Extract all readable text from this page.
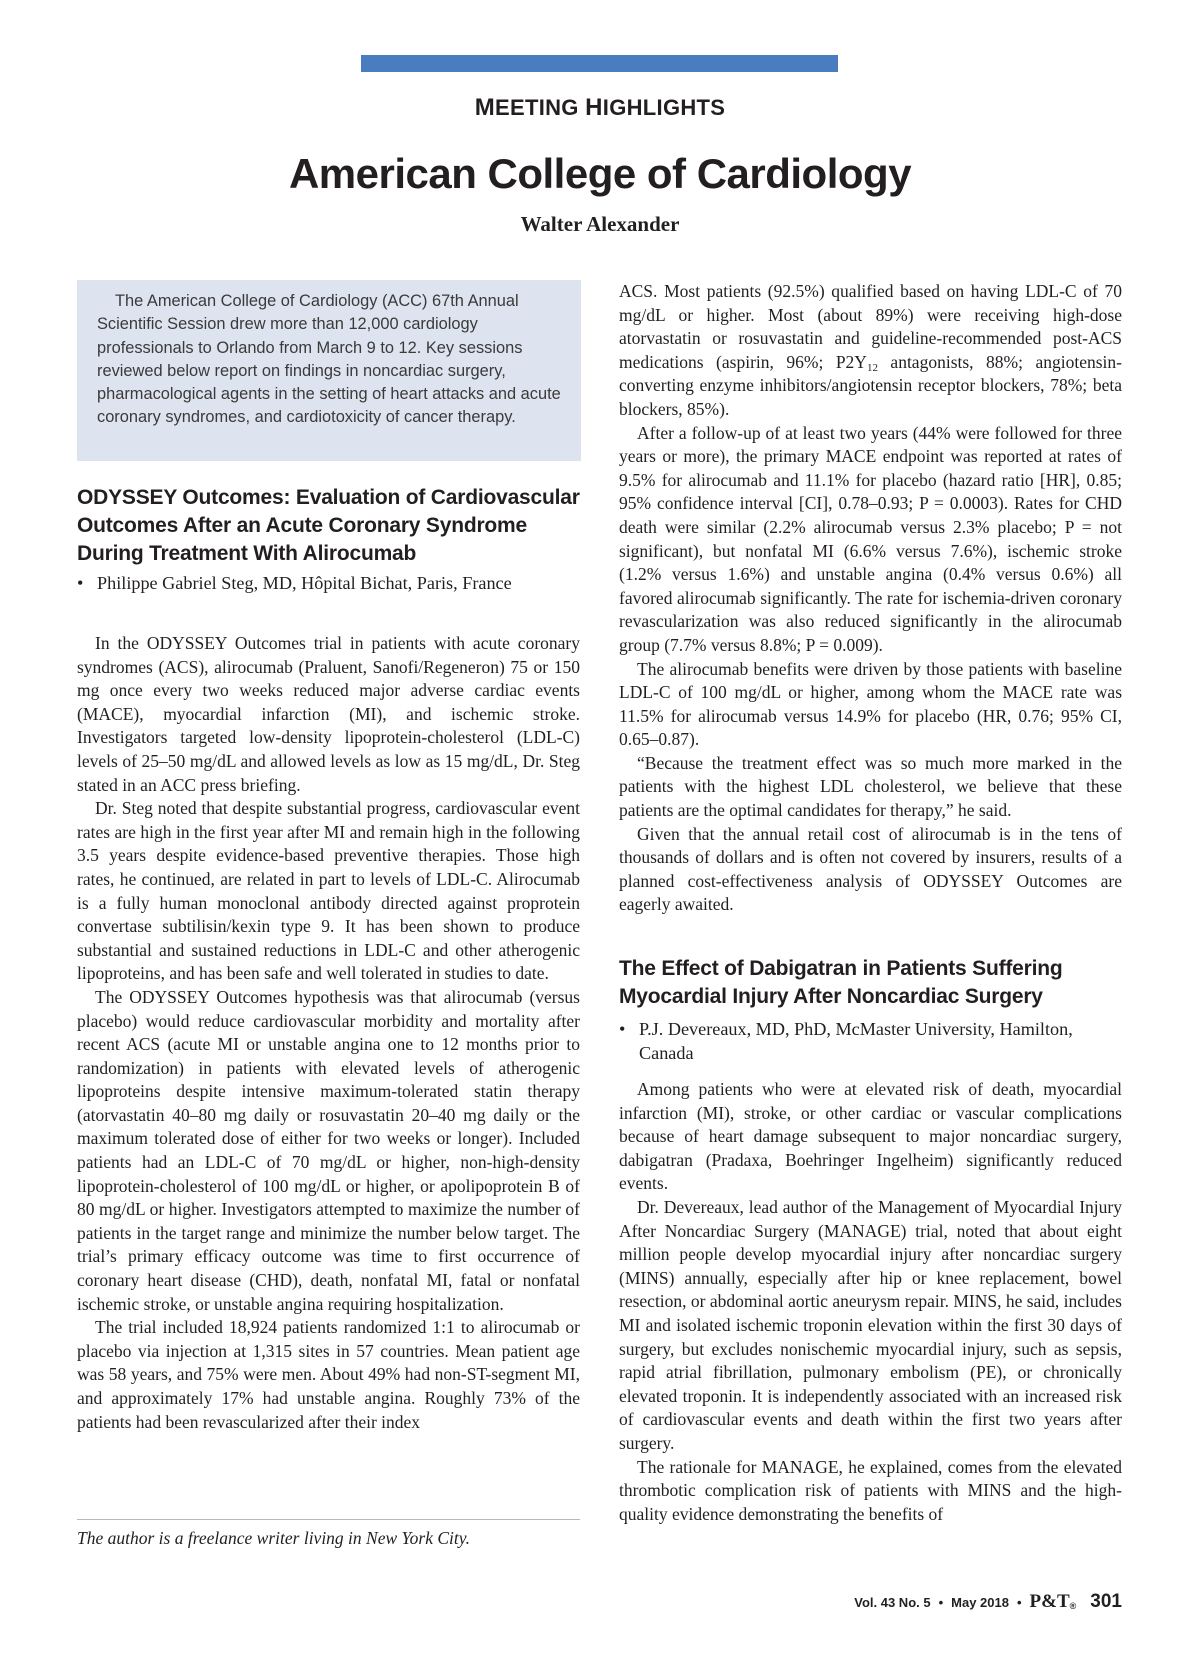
MEETING HIGHLIGHTS
American College of Cardiology
Walter Alexander

The American College of Cardiology (ACC) 67th Annual Scientific Session drew more than 12,000 cardiology professionals to Orlando from March 9 to 12. Key sessions reviewed below report on findings in noncardiac surgery, pharmacological agents in the setting of heart attacks and acute coronary syndromes, and cardiotoxicity of cancer therapy.

ODYSSEY Outcomes: Evaluation of Cardiovascular Outcomes After an Acute Coronary Syndrome During Treatment With Alirocumab
• Philippe Gabriel Steg, MD, Hôpital Bichat, Paris, France

In the ODYSSEY Outcomes trial in patients with acute coronary syndromes (ACS), alirocumab (Praluent, Sanofi/Regeneron) 75 or 150 mg once every two weeks reduced major adverse cardiac events (MACE), myocardial infarction (MI), and ischemic stroke. Investigators targeted low-density lipoprotein-cholesterol (LDL-C) levels of 25–50 mg/dL and allowed levels as low as 15 mg/dL, Dr. Steg stated in an ACC press briefing.

Dr. Steg noted that despite substantial progress, cardiovascular event rates are high in the first year after MI and remain high in the following 3.5 years despite evidence-based preventive therapies. Those high rates, he continued, are related in part to levels of LDL-C. Alirocumab is a fully human monoclonal antibody directed against proprotein convertase subtilisin/kexin type 9. It has been shown to produce substantial and sustained reductions in LDL-C and other atherogenic lipoproteins, and has been safe and well tolerated in studies to date.

The ODYSSEY Outcomes hypothesis was that alirocumab (versus placebo) would reduce cardiovascular morbidity and mortality after recent ACS (acute MI or unstable angina one to 12 months prior to randomization) in patients with elevated levels of atherogenic lipoproteins despite intensive maximum-tolerated statin therapy (atorvastatin 40–80 mg daily or rosuvastatin 20–40 mg daily or the maximum tolerated dose of either for two weeks or longer). Included patients had an LDL-C of 70 mg/dL or higher, non-high-density lipoprotein-cholesterol of 100 mg/dL or higher, or apolipoprotein B of 80 mg/dL or higher. Investigators attempted to maximize the number of patients in the target range and minimize the number below target. The trial’s primary efficacy outcome was time to first occurrence of coronary heart disease (CHD), death, nonfatal MI, fatal or nonfatal ischemic stroke, or unstable angina requiring hospitalization.

The trial included 18,924 patients randomized 1:1 to alirocumab or placebo via injection at 1,315 sites in 57 countries. Mean patient age was 58 years, and 75% were men. About 49% had non-ST-segment MI, and approximately 17% had unstable angina. Roughly 73% of the patients had been revascularized after their index

The author is a freelance writer living in New York City.

ACS. Most patients (92.5%) qualified based on having LDL-C of 70 mg/dL or higher. Most (about 89%) were receiving high-dose atorvastatin or rosuvastatin and guideline-recommended post-ACS medications (aspirin, 96%; $P2Y_{12}$ antagonists, 88%; angiotensin-converting enzyme inhibitors/angiotensin receptor blockers, 78%; beta blockers, 85%).

After a follow-up of at least two years (44% were followed for three years or more), the primary MACE endpoint was reported at rates of 9.5% for alirocumab and 11.1% for placebo (hazard ratio [HR], 0.85; 95% confidence interval [CI], 0.78–0.93; P = 0.0003). Rates for CHD death were similar (2.2% alirocumab versus 2.3% placebo; P = not significant), but nonfatal MI (6.6% versus 7.6%), ischemic stroke (1.2% versus 1.6%) and unstable angina (0.4% versus 0.6%) all favored alirocumab significantly. The rate for ischemia-driven coronary revascularization was also reduced significantly in the alirocumab group (7.7% versus 8.8%; P = 0.009).

The alirocumab benefits were driven by those patients with baseline LDL-C of 100 mg/dL or higher, among whom the MACE rate was 11.5% for alirocumab versus 14.9% for placebo (HR, 0.76; 95% CI, 0.65–0.87).

“Because the treatment effect was so much more marked in the patients with the highest LDL cholesterol, we believe that these patients are the optimal candidates for therapy,” he said.

Given that the annual retail cost of alirocumab is in the tens of thousands of dollars and is often not covered by insurers, results of a planned cost-effectiveness analysis of ODYSSEY Outcomes are eagerly awaited.

The Effect of Dabigatran in Patients Suffering Myocardial Injury After Noncardiac Surgery
• P.J. Devereaux, MD, PhD, McMaster University, Hamilton, Canada

Among patients who were at elevated risk of death, myocardial infarction (MI), stroke, or other cardiac or vascular complications because of heart damage subsequent to major noncardiac surgery, dabigatran (Pradaxa, Boehringer Ingelheim) significantly reduced events.

Dr. Devereaux, lead author of the Management of Myocardial Injury After Noncardiac Surgery (MANAGE) trial, noted that about eight million people develop myocardial injury after noncardiac surgery (MINS) annually, especially after hip or knee replacement, bowel resection, or abdominal aortic aneurysm repair. MINS, he said, includes MI and isolated ischemic troponin elevation within the first 30 days of surgery, but excludes nonischemic myocardial injury, such as sepsis, rapid atrial fibrillation, pulmonary embolism (PE), or chronically elevated troponin. It is independently associated with an increased risk of cardiovascular events and death within the first two years after surgery.

The rationale for MANAGE, he explained, comes from the elevated thrombotic complication risk of patients with MINS and the high-quality evidence demonstrating the benefits of

Vol. 43 No. 5 • May 2018 • P&T® 301
